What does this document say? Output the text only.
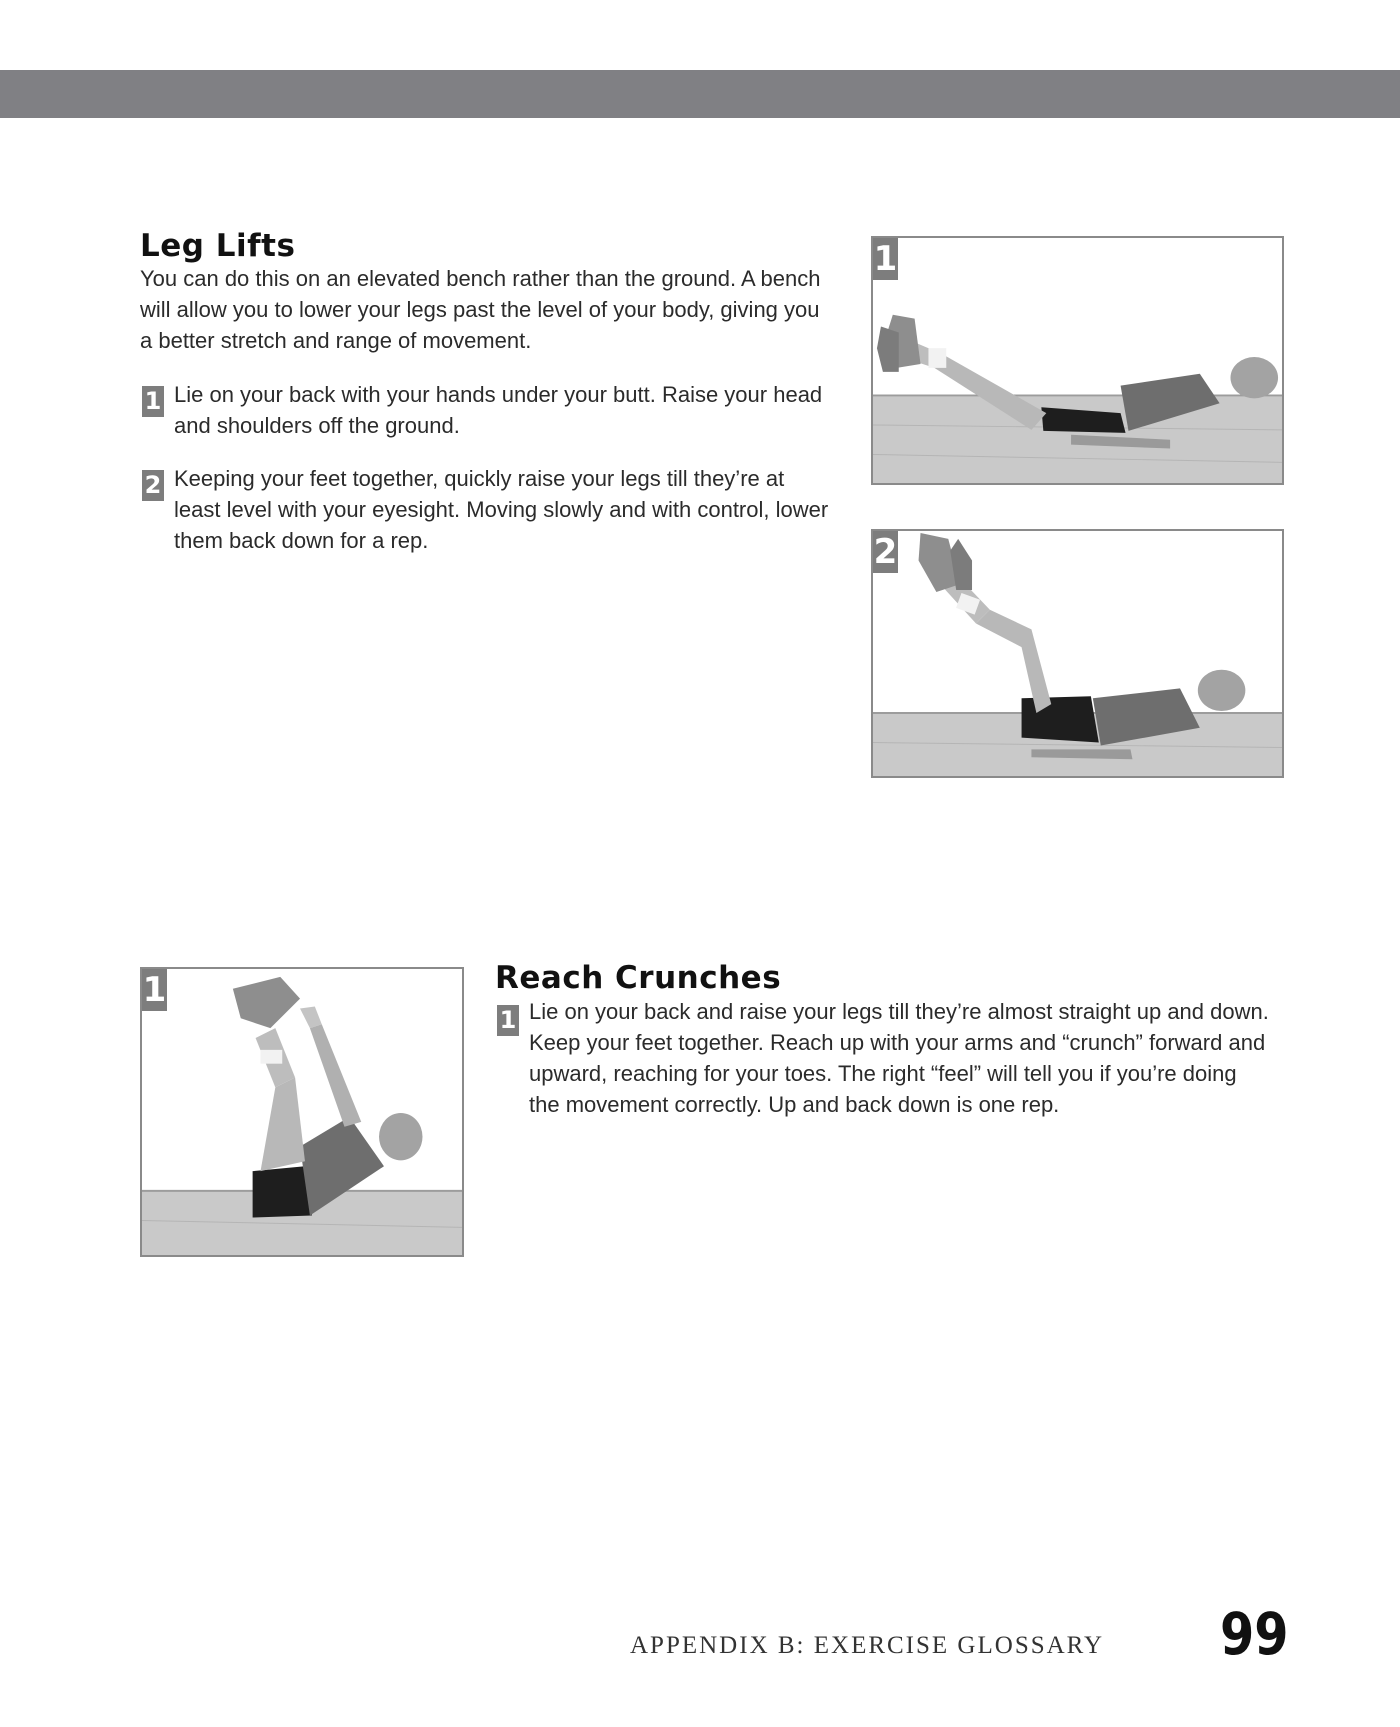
Leg Lifts

You can do this on an elevated bench rather than the ground. A bench will allow you to lower your legs past the level of your body, giving you a better stretch and range of movement.

1 Lie on your back with your hands under your butt. Raise your head and shoulders off the ground.

2 Keeping your feet together, quickly raise your legs till they’re at least level with your eyesight. Moving slowly and with control, lower them back down for a rep.

1
2
1	Reach Crunches
1 Lie on your back and raise your legs till they’re almost straight up and down. Keep your feet together. Reach up with your arms and “crunch” forward and upward, reaching for your toes. The right “feel” will tell you if you’re doing the movement correctly. Up and back down is one rep.

APPENDIX B: EXERCISE GLOSSARY 99
